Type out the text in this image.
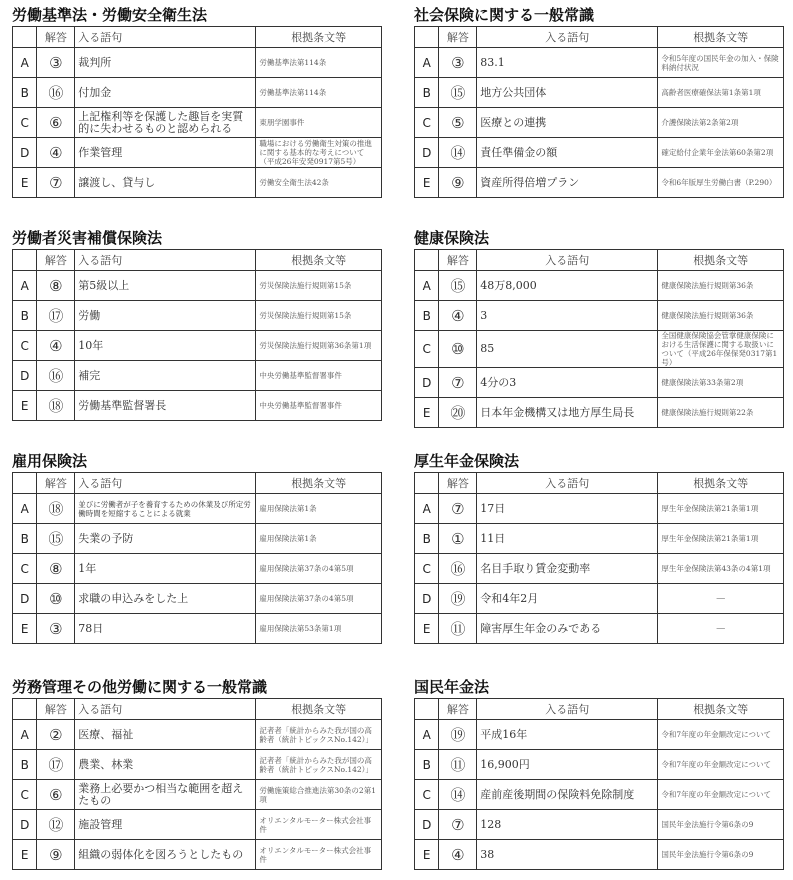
労働基準法・労働安全衛生法
	解答	入る語句	根拠条文等
A	③	裁判所	労働基準法第114条
B	⑯	付加金	労働基準法第114条
C	⑥	上記権利等を保護した趣旨を実質的に失わせるものと認められる	東朋学園事件
D	④	作業管理	職場における労働衛生対策の推進に関する基本的な考えについて（平成26年安発0917第5号）
E	⑦	譲渡し、貸与し	労働安全衛生法42条
社会保険に関する一般常識
	解答	入る語句	根拠条文等
A	③	83.1	令和5年度の国民年金の加入・保険料納付状況
B	⑮	地方公共団体	高齢者医療確保法第1条第1項
C	⑤	医療との連携	介護保険法第2条第2項
D	⑭	責任準備金の額	確定給付企業年金法第60条第2項
E	⑨	資産所得倍増プラン	令和6年版厚生労働白書（P.290）
労働者災害補償保険法
	解答	入る語句	根拠条文等
A	⑧	第5級以上	労災保険法施行規則第15条
B	⑰	労働	労災保険法施行規則第15条
C	④	10年	労災保険法施行規則第36条第1項
D	⑯	補完	中央労働基準監督署事件
E	⑱	労働基準監督署長	中央労働基準監督署事件
健康保険法
	解答	入る語句	根拠条文等
A	⑮	48万8,000	健康保険法施行規則第36条
B	④	3	健康保険法施行規則第36条
C	⑩	85	全国健康保険協会管掌健康保険における生活保護に関する取扱いについて（平成26年保保発0317第1号）
D	⑦	4分の3	健康保険法第33条第2項
E	⑳	日本年金機構又は地方厚生局長	健康保険法施行規則第22条
雇用保険法
	解答	入る語句	根拠条文等
A	⑱	並びに労働者が子を養育するための休業及び所定労働時間を短縮することによる就業	雇用保険法第1条
B	⑮	失業の予防	雇用保険法第1条
C	⑧	1年	雇用保険法第37条の4第5項
D	⑩	求職の申込みをした上	雇用保険法第37条の4第5項
E	③	78日	雇用保険法第53条第1項
厚生年金保険法
	解答	入る語句	根拠条文等
A	⑦	17日	厚生年金保険法第21条第1項
B	①	11日	厚生年金保険法第21条第1項
C	⑯	名目手取り賃金変動率	厚生年金保険法第43条の4第1項
D	⑲	令和4年2月	－
E	⑪	障害厚生年金のみである	－
労務管理その他労働に関する一般常識
	解答	入る語句	根拠条文等
A	②	医療、福祉	記者者「統計からみた我が国の高齢者（統計トピックスNo.142）」
B	⑰	農業、林業	記者者「統計からみた我が国の高齢者（統計トピックスNo.142）」
C	⑥	業務上必要かつ相当な範囲を超えたもの	労働施策総合推進法第30条の2第1項
D	⑫	施設管理	オリエンタルモーター株式会社事件
E	⑨	組織の弱体化を図ろうとしたもの	オリエンタルモーター株式会社事件
国民年金法
	解答	入る語句	根拠条文等
A	⑲	平成16年	令和7年度の年金額改定について
B	⑪	16,900円	令和7年度の年金額改定について
C	⑭	産前産後期間の保険料免除制度	令和7年度の年金額改定について
D	⑦	128	国民年金法施行令第6条の9
E	④	38	国民年金法施行令第6条の9
